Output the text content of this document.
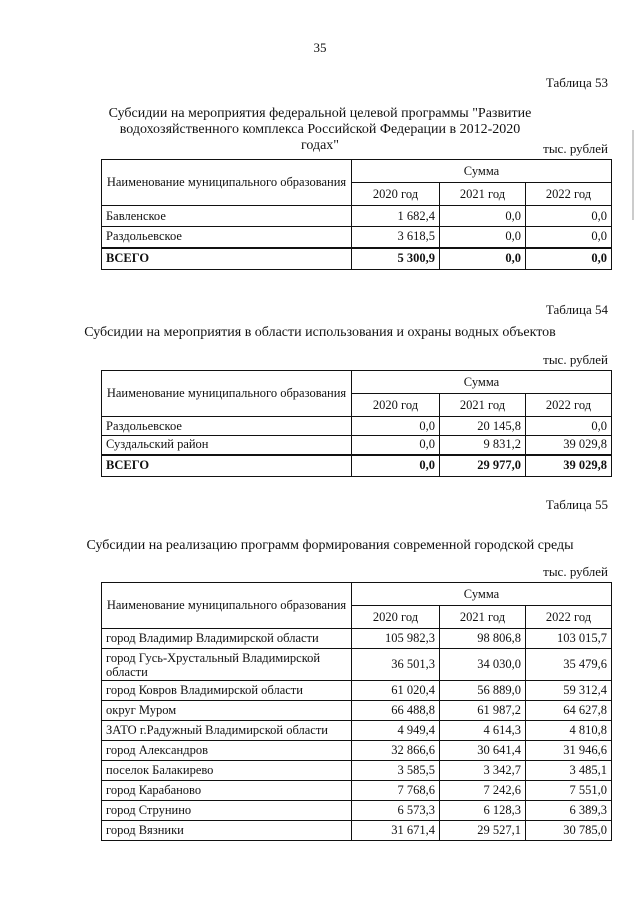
35
Таблица 53
Субсидии на мероприятия федеральной целевой программы "Развитие
водохозяйственного комплекса Российской Федерации в 2012-2020 годах"	тыс. рублей
Наименование муниципального образования	Сумма		
	2020 год	2021 год	2022 год
Бавленское	1 682,4	0,0	0,0
Раздольевское	3 618,5	0,0	0,0
ВСЕГО	5 300,9	0,0	0,0
Таблица 54
Субсидии на мероприятия в области использования и охраны водных объектов
тыс. рублей
Наименование муниципального образования	Сумма		
	2020 год	2021 год	2022 год
Раздольевское	0,0	20 145,8	0,0
Суздальский район	0,0	9 831,2	39 029,8
ВСЕГО	0,0	29 977,0	39 029,8
Таблица 55
Субсидии на реализацию программ формирования современной городской среды
тыс. рублей
Наименование муниципального образования	Сумма		
	2020 год	2021 год	2022 год
город Владимир Владимирской области	105 982,3	98 806,8	103 015,7
город Гусь-Хрустальный Владимирской области	36 501,3	34 030,0	35 479,6
город Ковров Владимирской области	61 020,4	56 889,0	59 312,4
округ Муром	66 488,8	61 987,2	64 627,8
ЗАТО г.Радужный Владимирской области	4 949,4	4 614,3	4 810,8
город Александров	32 866,6	30 641,4	31 946,6
поселок Балакирево	3 585,5	3 342,7	3 485,1
город Карабаново	7 768,6	7 242,6	7 551,0
город Струнино	6 573,3	6 128,3	6 389,3
город Вязники	31 671,4	29 527,1	30 785,0
